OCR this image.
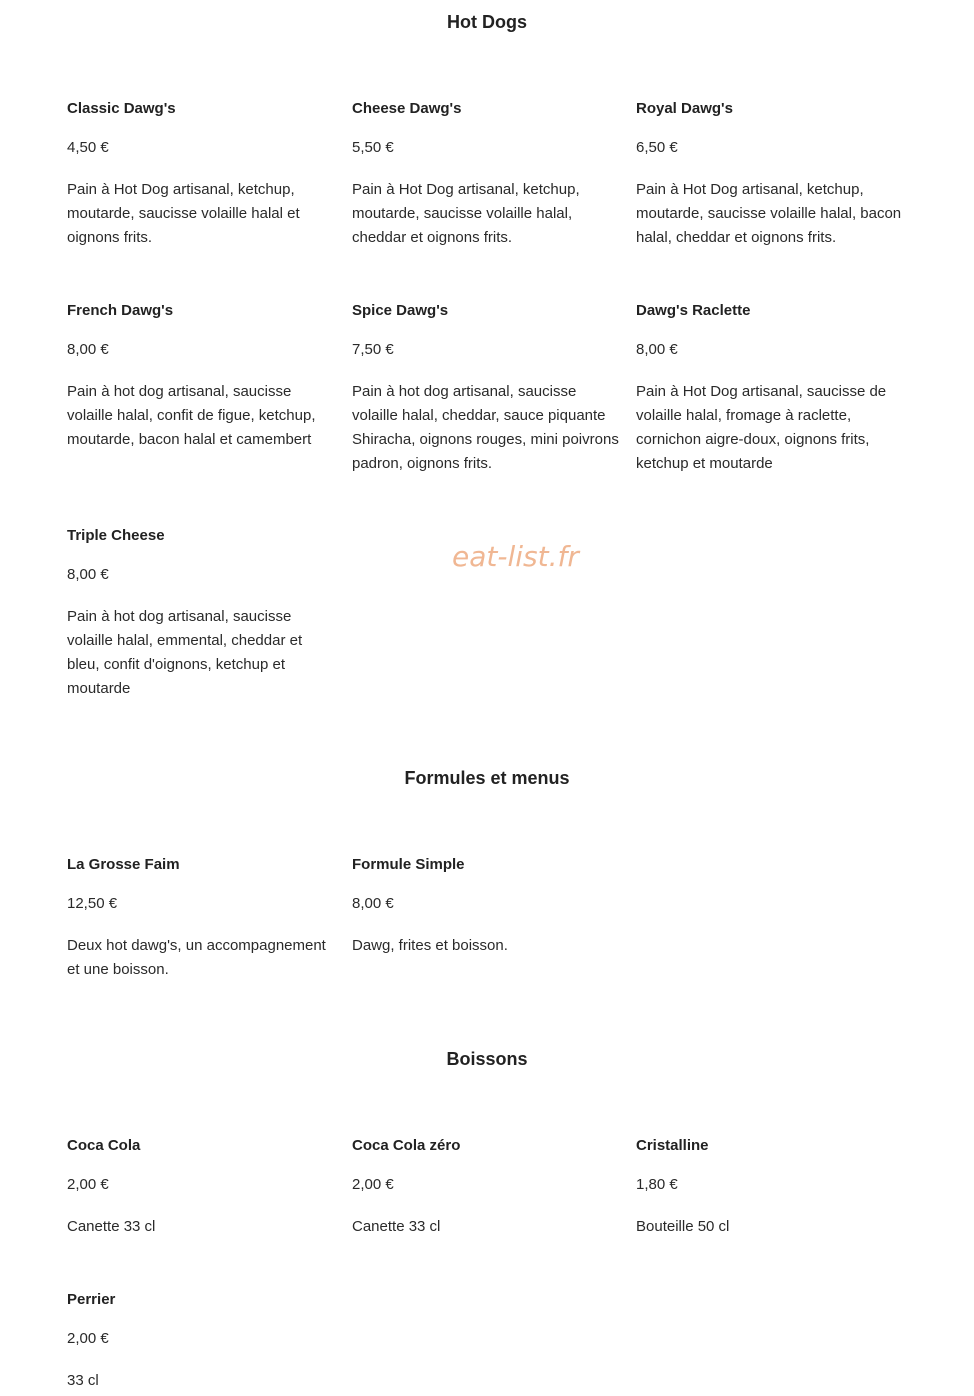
Hot Dogs
Classic Dawg's
4,50 €
Pain à Hot Dog artisanal, ketchup, moutarde, saucisse volaille halal et oignons frits.
Cheese Dawg's
5,50 €
Pain à Hot Dog artisanal, ketchup, moutarde, saucisse volaille halal, cheddar et oignons frits.
Royal Dawg's
6,50 €
Pain à Hot Dog artisanal, ketchup, moutarde, saucisse volaille halal, bacon halal, cheddar et oignons frits.
French Dawg's
8,00 €
Pain à hot dog artisanal, saucisse volaille halal, confit de figue, ketchup, moutarde, bacon halal et camembert
Spice Dawg's
7,50 €
Pain à hot dog artisanal, saucisse volaille halal, cheddar, sauce piquante Shiracha, oignons rouges, mini poivrons padron, oignons frits.
Dawg's Raclette
8,00 €
Pain à Hot Dog artisanal, saucisse de volaille halal, fromage à raclette, cornichon aigre-doux, oignons frits, ketchup et moutarde
Triple Cheese
8,00 €
Pain à hot dog artisanal, saucisse volaille halal, emmental, cheddar et bleu, confit d'oignons, ketchup et moutarde
eat-list.fr
Formules et menus
La Grosse Faim
12,50 €
Deux hot dawg's, un accompagnement et une boisson.
Formule Simple
8,00 €
Dawg, frites et boisson.
Boissons
Coca Cola
2,00 €
Canette 33 cl
Coca Cola zéro
2,00 €
Canette 33 cl
Cristalline
1,80 €
Bouteille 50 cl
Perrier
2,00 €
33 cl
